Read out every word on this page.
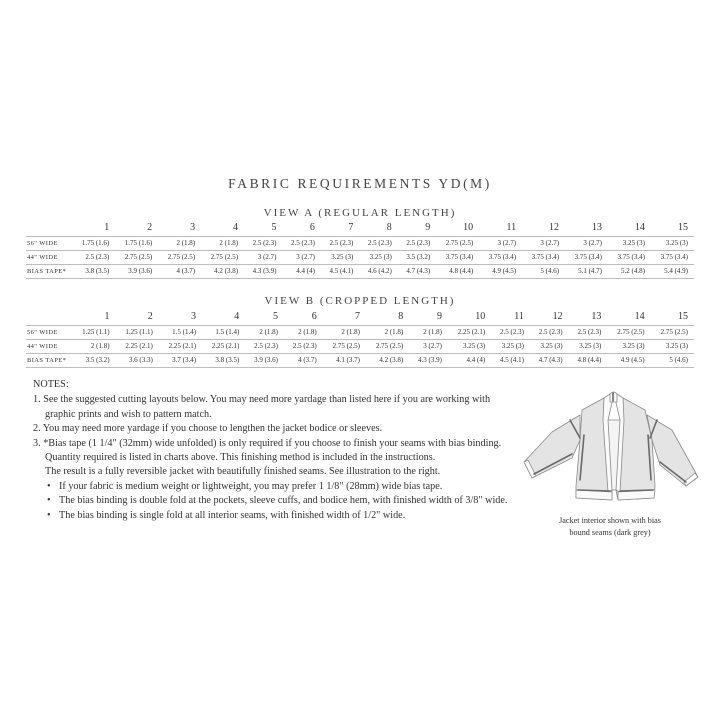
FABRIC REQUIREMENTS YD(M)
VIEW A (REGULAR LENGTH)
	1	2	3	4	5	6	7	8	9	10	11	12	13	14	15
56" WIDE	1.75 (1.6)	1.75 (1.6)	2 (1.8)	2 (1.8)	2.5 (2.3)	2.5 (2.3)	2.5 (2.3)	2.5 (2.3)	2.5 (2.3)	2.75 (2.5)	3 (2.7)	3 (2.7)	3 (2.7)	3.25 (3)	3.25 (3)
44" WIDE	2.5 (2.3)	2.75 (2.5)	2.75 (2.5)	2.75 (2.5)	3 (2.7)	3 (2.7)	3.25 (3)	3.25 (3)	3.5 (3.2)	3.75 (3.4)	3.75 (3.4)	3.75 (3.4)	3.75 (3.4)	3.75 (3.4)	3.75 (3.4)
BIAS TAPE*	3.8 (3.5)	3.9 (3.6)	4 (3.7)	4.2 (3.8)	4.3 (3.9)	4.4 (4)	4.5 (4.1)	4.6 (4.2)	4.7 (4.3)	4.8 (4.4)	4.9 (4.5)	5 (4.6)	5.1 (4.7)	5.2 (4.8)	5.4 (4.9)
VIEW B (CROPPED LENGTH)
	1	2	3	4	5	6	7	8	9	10	11	12	13	14	15
56" WIDE	1.25 (1.1)	1.25 (1.1)	1.5 (1.4)	1.5 (1.4)	2 (1.8)	2 (1.8)	2 (1.8)	2 (1.8)	2 (1.8)	2.25 (2.1)	2.5 (2.3)	2.5 (2.3)	2.5 (2.3)	2.75 (2.5)	2.75 (2.5)
44" WIDE	2 (1.8)	2.25 (2.1)	2.25 (2.1)	2.25 (2.1)	2.5 (2.3)	2.5 (2.3)	2.75 (2.5)	2.75 (2.5)	3 (2.7)	3.25 (3)	3.25 (3)	3.25 (3)	3.25 (3)	3.25 (3)	3.25 (3)
BIAS TAPE*	3.5 (3.2)	3.6 (3.3)	3.7 (3.4)	3.8 (3.5)	3.9 (3.6)	4 (3.7)	4.1 (3.7)	4.2 (3.8)	4.3 (3.9)	4.4 (4)	4.5 (4.1)	4.7 (4.3)	4.8 (4.4)	4.9 (4.5)	5 (4.6)
NOTES:
1. See the suggested cutting layouts below. You may need more yardage than listed here if you are working with
graphic prints and wish to pattern match.
2. You may need more yardage if you choose to lengthen the jacket bodice or sleeves.
3. *Bias tape (1 1/4" (32mm) wide unfolded) is only required if you choose to finish your seams with bias binding.
Quantity required is listed in charts above. This finishing method is included in the instructions.
The result is a fully reversible jacket with beautifully finished seams. See illustration to the right.
• If your fabric is medium weight or lightweight, you may prefer 1 1/8" (28mm) wide bias tape.
• The bias binding is double fold at the pockets, sleeve cuffs, and bodice hem, with finished width of 3/8" wide.
• The bias binding is single fold at all interior seams, with finished width of 1/2" wide.	Jacket interior shown with bias
bound seams (dark grey)
